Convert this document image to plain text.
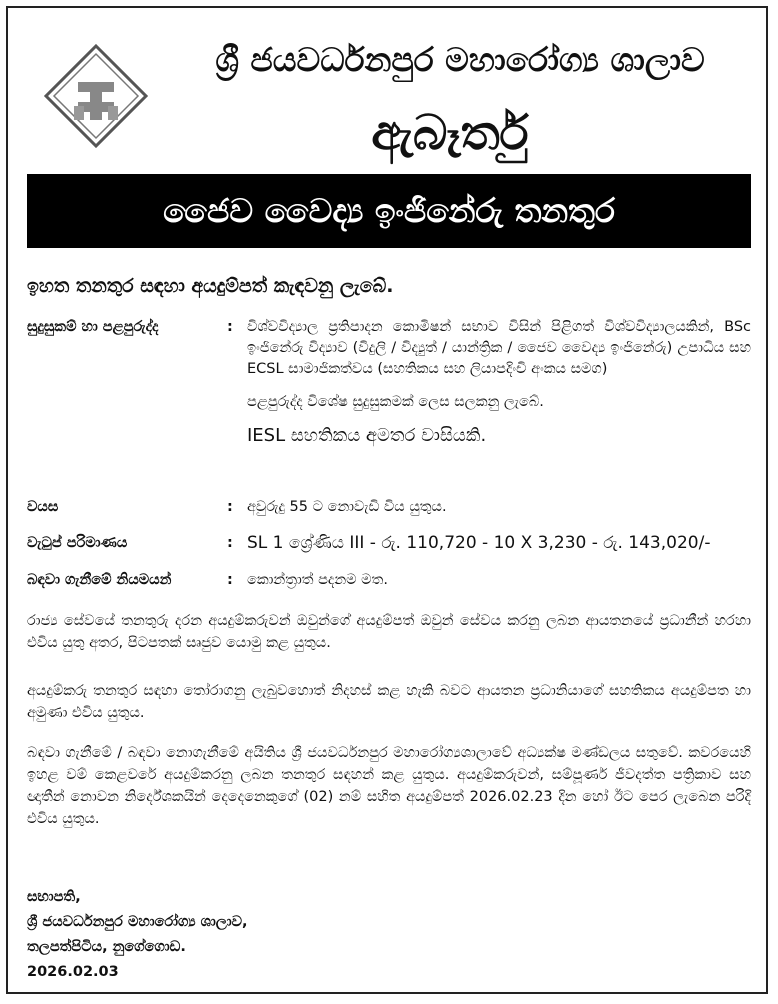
ශ්‍රී ජයවර්ධනපුර මහාරෝග්‍ය ශාලාව
ඇබෑර්තු
ජෛව වෛද්‍ය ඉංජිනේරු තනතුර
ඉහත තනතුර සඳහා අයදුම්පත් කැඳවනු ලැබේ.
සුදුසුකම් හා පළපුරුද්ද	: විශ්වවිද්‍යාල ප්‍රතිපාදන කොමිෂන් සභාව විසින් පිළිගත් විශ්වවිද්‍යාලයකින්, BSc ඉංජිනේරු විද්‍යාව (විදුලි / විද්‍යුත් / යාන්ත්‍රික / ජෛව වෛද්‍ය ඉංජිනේරු) උපාධිය සහ ECSL සාමාජිකත්වය (සහතිකය සහ ලියාපදිංචි අංකය සමග)

පළපුරුද්ද විශේෂ සුදුසුකමක් ලෙස සලකනු ලැබේ.

IESL සහතිකය අමතර වාසියකි.

වයස	: අවුරුදු 55 ට නොවැඩි විය යුතුය.
වැටුප් පරිමාණය	: SL 1 ශ්‍රේණිය III - රු. 110,720 - 10 X 3,230 - රු. 143,020/-
බඳවා ගැනීමේ නියමයන්	: කොන්ත්‍රාත් පදනම මත.

රාජ්‍ය සේවයේ තනතුරු දරන අයදුම්කරුවන් ඔවුන්ගේ අයදුම්පත් ඔවුන් සේවය කරනු ලබන ආයතනයේ ප්‍රධානීන් හරහා එවිය යුතු අතර, පිටපතක් සෘජුව යොමු කළ යුතුය.

අයදුම්කරු තනතුර සඳහා තෝරාගනු ලැබුවහොත් නිදහස් කළ හැකි බවට ආයතන ප්‍රධානියාගේ සහතිකය අයදුම්පත හා අමුණා එවිය යුතුය.

බඳවා ගැනීමේ / බඳවා නොගැනීමේ අයිතිය ශ්‍රී ජයවර්ධනපුර මහාරෝග්‍යශාලාවේ අධ්‍යක්ෂ මණ්ඩලය සතුවේ. කවරයෙහි ඉහළ වම් කෙළවරේ අයදුම්කරනු ලබන තනතුර සඳහන් කළ යුතුය. අයදුම්කරුවන්, සම්පූර්ණ ජීවදත්ත පත්‍රිකාව සහ ඥාතීන් නොවන නිර්දේශකයින් දෙදෙනෙකුගේ (02) නම් සහිත අයදුම්පත් 2026.02.23 දින හෝ ඊට පෙර ලැබෙන පරිදි එවිය යුතුය.

සභාපති,
ශ්‍රී ජයවර්ධනපුර මහාරෝග්‍ය ශාලාව,
තලපත්පිටිය, නුගේගොඩ.
2026.02.03
